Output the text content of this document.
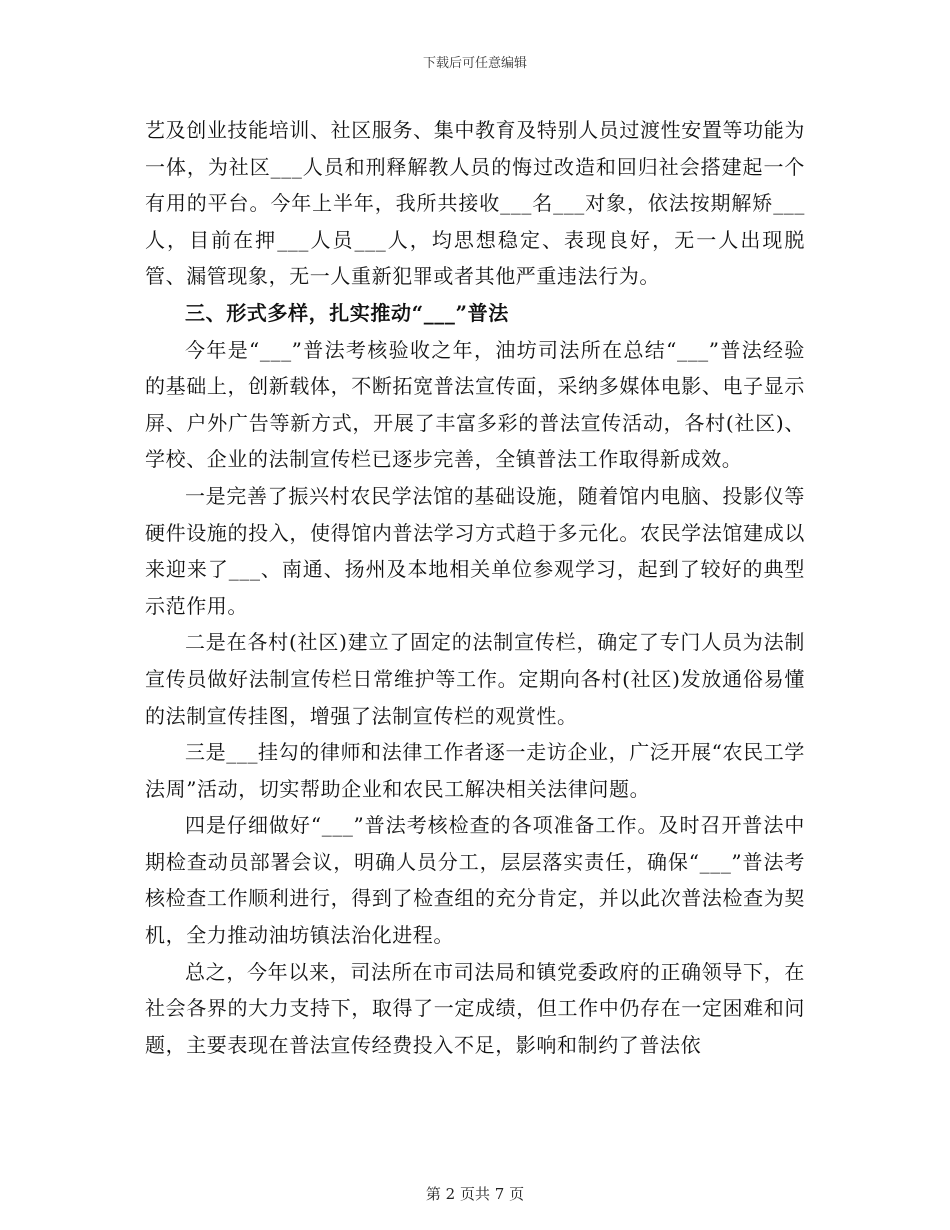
下载后可任意编辑

艺及创业技能培训、社区服务、集中教育及特别人员过渡性安置等功能为一体，为社区___人员和刑释解教人员的悔过改造和回归社会搭建起一个有用的平台。今年上半年，我所共接收___名___对象，依法按期解矫___人，目前在押___人员___人，均思想稳定、表现良好，无一人出现脱管、漏管现象，无一人重新犯罪或者其他严重违法行为。

三、形式多样，扎实推动“___”普法

今年是“___”普法考核验收之年，油坊司法所在总结“___”普法经验的基础上，创新载体，不断拓宽普法宣传面，采纳多媒体电影、电子显示屏、户外广告等新方式，开展了丰富多彩的普法宣传活动，各村(社区)、学校、企业的法制宣传栏已逐步完善，全镇普法工作取得新成效。

一是完善了振兴村农民学法馆的基础设施，随着馆内电脑、投影仪等硬件设施的投入，使得馆内普法学习方式趋于多元化。农民学法馆建成以来迎来了___、南通、扬州及本地相关单位参观学习，起到了较好的典型示范作用。

二是在各村(社区)建立了固定的法制宣传栏，确定了专门人员为法制宣传员做好法制宣传栏日常维护等工作。定期向各村(社区)发放通俗易懂的法制宣传挂图，增强了法制宣传栏的观赏性。

三是___挂勾的律师和法律工作者逐一走访企业，广泛开展“农民工学法周”活动，切实帮助企业和农民工解决相关法律问题。

四是仔细做好“___”普法考核检查的各项准备工作。及时召开普法中期检查动员部署会议，明确人员分工，层层落实责任，确保“___”普法考核检查工作顺利进行，得到了检查组的充分肯定，并以此次普法检查为契机，全力推动油坊镇法治化进程。

总之，今年以来，司法所在市司法局和镇党委政府的正确领导下，在社会各界的大力支持下，取得了一定成绩，但工作中仍存在一定困难和问题，主要表现在普法宣传经费投入不足，影响和制约了普法依

第 2 页共 7 页
